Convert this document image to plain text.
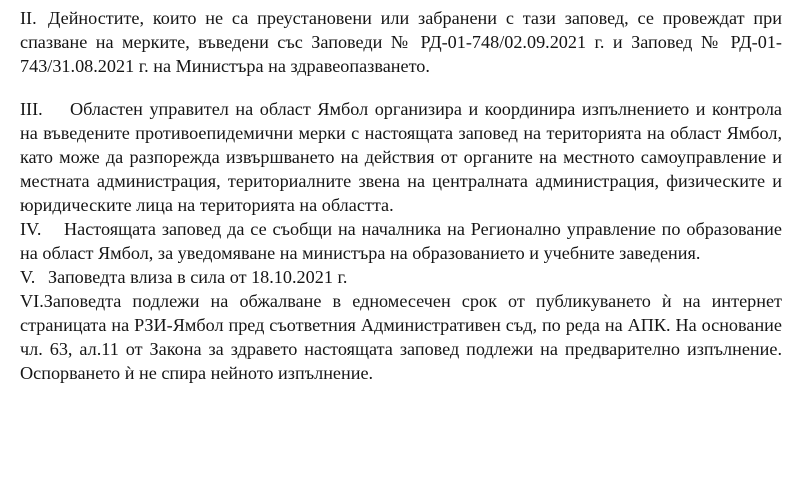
II. Дейностите, които не са преустановени или забранени с тази заповед, се провеждат при спазване на мерките, въведени със Заповеди № РД-01-748/02.09.2021 г. и Заповед № РД-01-743/31.08.2021 г. на Министъра на здравеопазването.

III. Областен управител на област Ямбол организира и координира изпълнението и контрола на въведените противоепидемични мерки с настоящата заповед на територията на област Ямбол, като може да разпорежда извършването на действия от органите на местното самоуправление и местната администрация, териториалните звена на централната администрация, физическите и юридическите лица на територията на областта.

IV. Настоящата заповед да се съобщи на началника на Регионално управление по образование на област Ямбол, за уведомяване на министъра на образованието и учебните заведения.

V. Заповедта влиза в сила от 18.10.2021 г.

VI.Заповедта подлежи на обжалване в едномесечен срок от публикуването ѝ на интернет страницата на РЗИ-Ямбол пред съответния Административен съд, по реда на АПК. На основание чл. 63, ал.11 от Закона за здравето настоящата заповед подлежи на предварително изпълнение. Оспорването ѝ не спира нейното изпълнение.
